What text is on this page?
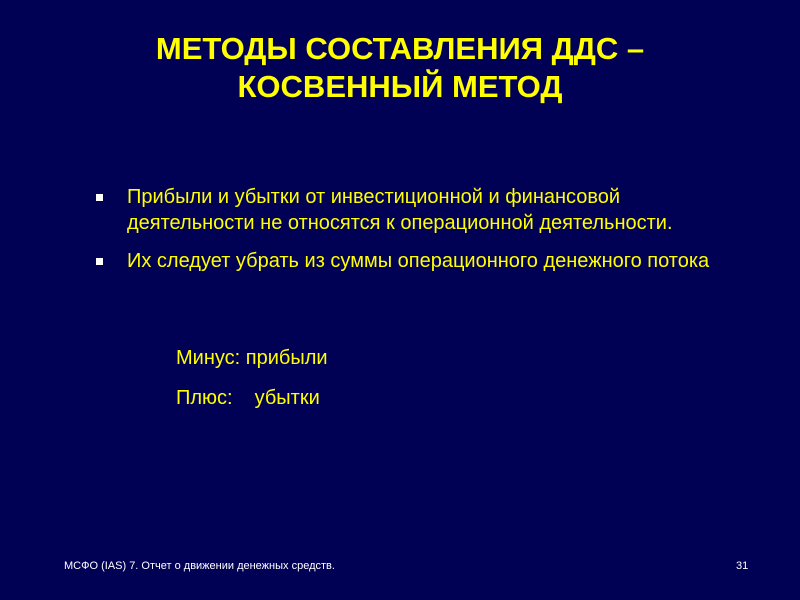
МЕТОДЫ СОСТАВЛЕНИЯ ДДС –
КОСВЕННЫЙ МЕТОД
Прибыли и убытки от инвестиционной и финансовой деятельности не относятся к операционной деятельности.
Их следует убрать из суммы операционного денежного потока
Минус: прибыли
Плюс: убытки
МСФО (IAS) 7. Отчет о движении денежных средств.	31
